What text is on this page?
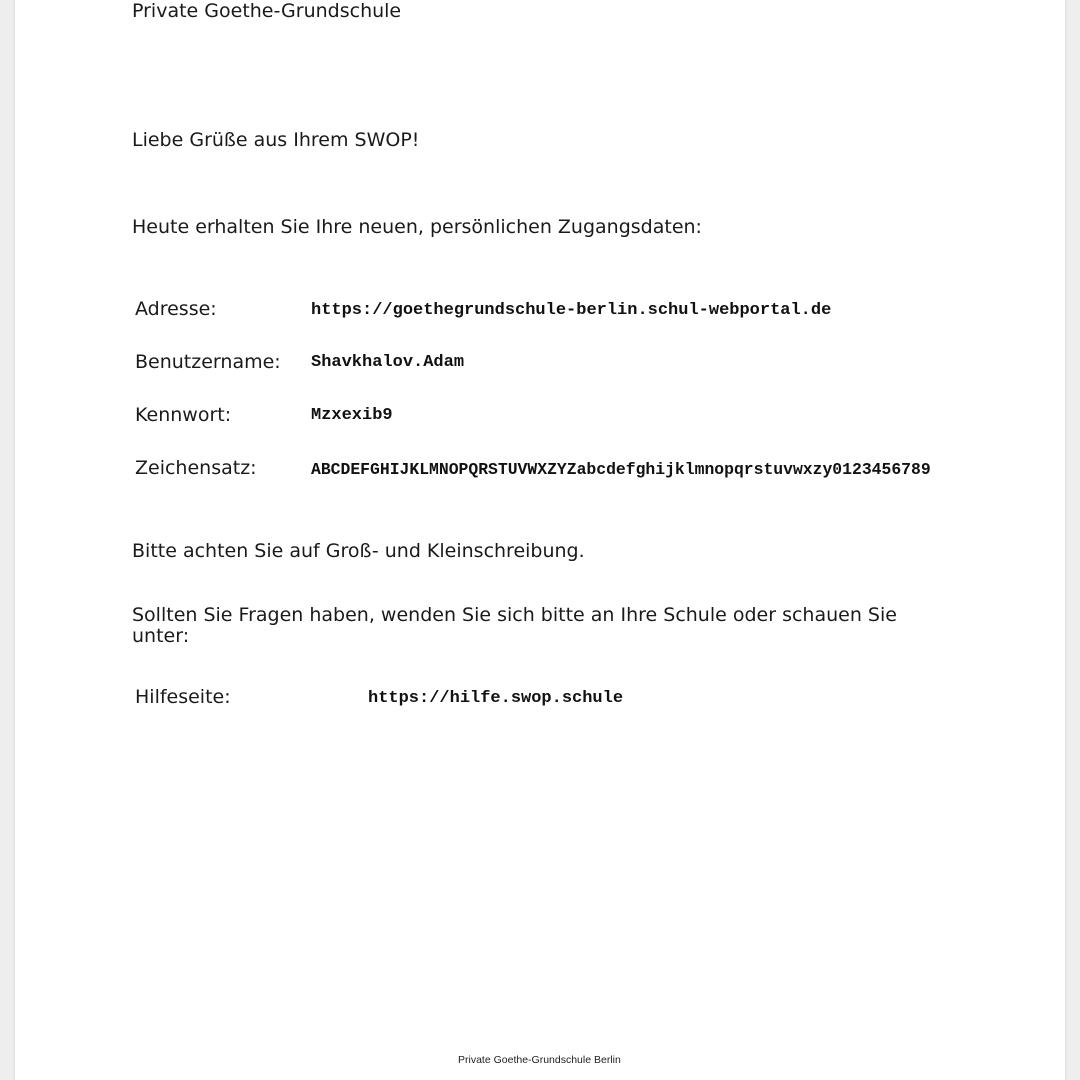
Private Goethe-Grundschule
Liebe Grüße aus Ihrem SWOP!
Heute erhalten Sie Ihre neuen, persönlichen Zugangsdaten:
Adresse:	https://goethegrundschule-berlin.schul-webportal.de
Benutzername: Shavkhalov.Adam
Kennwort:	Mzxexib9
Zeichensatz:	ABCDEFGHIJKLMNOPQRSTUVWXZYZabcdefghijklmnopqrstuvwxzy0123456789
Bitte achten Sie auf Groß- und Kleinschreibung.
Sollten Sie Fragen haben, wenden Sie sich bitte an Ihre Schule oder schauen Sie unter:
Hilfeseite:	https://hilfe.swop.schule
Private Goethe-Grundschule Berlin
